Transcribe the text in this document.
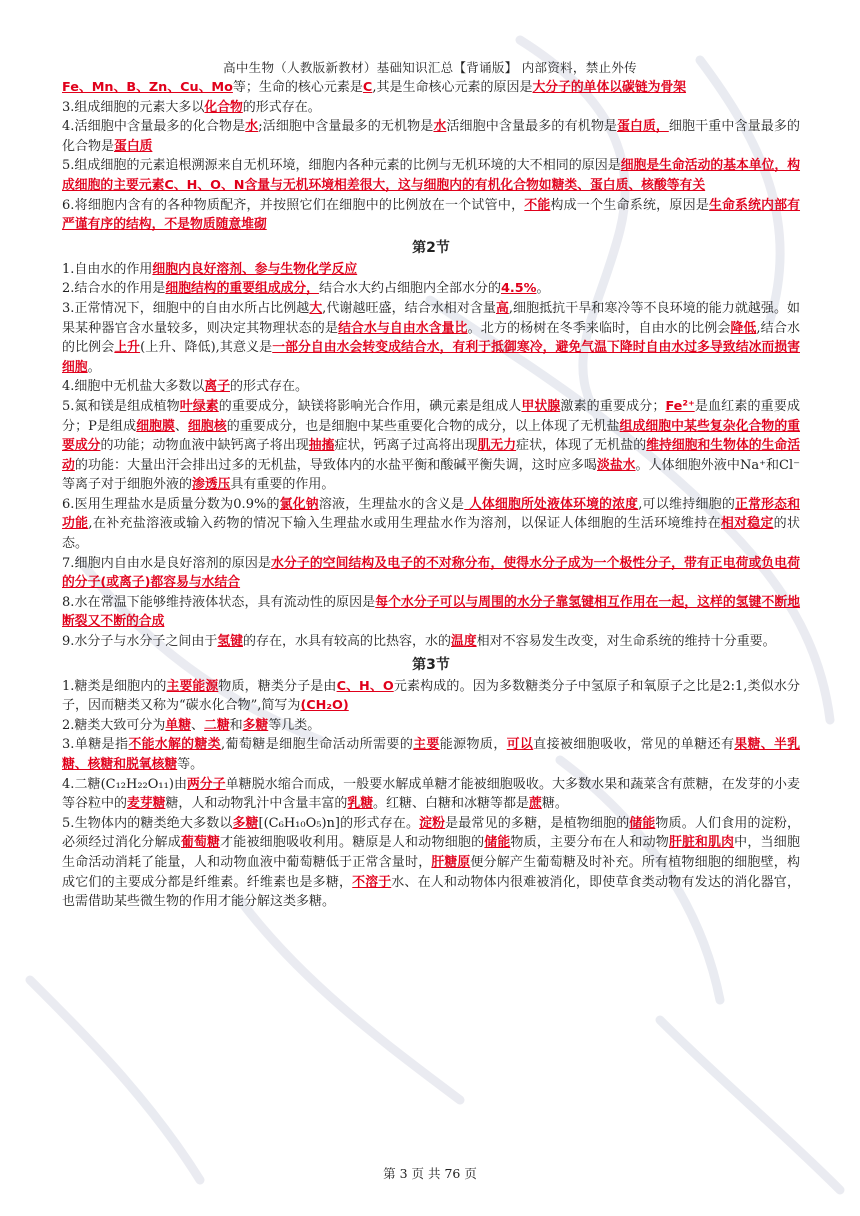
高中生物（人教版新教材）基础知识汇总【背诵版】 内部资料，禁止外传

Fe、Mn、B、Zn、Cu、Mo等；生命的核心元素是C,其是生命核心元素的原因是大分子的单体以碳链为骨架

3.组成细胞的元素大多以化合物的形式存在。

4.活细胞中含量最多的化合物是水;活细胞中含量最多的无机物是水活细胞中含量最多的有机物是蛋白质，细胞干重中含量最多的化合物是蛋白质

5.组成细胞的元素追根溯源来自无机环境，细胞内各种元素的比例与无机环境的大不相同的原因是细胞是生命活动的基本单位，构成细胞的主要元素C、H、O、N含量与无机环境相差很大，这与细胞内的有机化合物如糖类、蛋白质、核酸等有关

6.将细胞内含有的各种物质配齐，并按照它们在细胞中的比例放在一个试管中，不能构成一个生命系统，原因是生命系统内部有严谨有序的结构，不是物质随意堆砌

第2节

1.自由水的作用细胞内良好溶剂、参与生物化学反应

2.结合水的作用是细胞结构的重要组成成分，结合水大约占细胞内全部水分的4.5%。

3.正常情况下，细胞中的自由水所占比例越大,代谢越旺盛，结合水相对含量高,细胞抵抗干旱和寒冷等不良环境的能力就越强。如果某种器官含水量较多，则决定其物理状态的是结合水与自由水含量比。北方的杨树在冬季来临时，自由水的比例会降低,结合水的比例会上升(上升、降低),其意义是一部分自由水会转变成结合水，有利于抵御寒冷，避免气温下降时自由水过多导致结冰而损害细胞。

4.细胞中无机盐大多数以离子的形式存在。

5.氮和镁是组成植物叶绿素的重要成分，缺镁将影响光合作用，碘元素是组成人甲状腺激素的重要成分；Fe²⁺是血红素的重要成分；P是组成细胞膜、细胞核的重要成分，也是细胞中某些重要化合物的成分，以上体现了无机盐组成细胞中某些复杂化合物的重要成分的功能；动物血液中缺钙离子将出现抽搐症状，钙离子过高将出现肌无力症状，体现了无机盐的维持细胞和生物体的生命活动的功能：大量出汗会排出过多的无机盐，导致体内的水盐平衡和酸碱平衡失调，这时应多喝淡盐水。人体细胞外液中Na⁺和Cl⁻等离子对于细胞外液的渗透压具有重要的作用。

6.医用生理盐水是质量分数为0.9%的氯化钠溶液，生理盐水的含义是 人体细胞所处液体环境的浓度,可以维持细胞的正常形态和功能,在补充盐溶液或输入药物的情况下输入生理盐水或用生理盐水作为溶剂，以保证人体细胞的生活环境维持在相对稳定的状态。

7.细胞内自由水是良好溶剂的原因是水分子的空间结构及电子的不对称分布，使得水分子成为一个极性分子，带有正电荷或负电荷的分子(或离子)都容易与水结合

8.水在常温下能够维持液体状态，具有流动性的原因是每个水分子可以与周围的水分子靠氢键相互作用在一起，这样的氢键不断地断裂又不断的合成

9.水分子与水分子之间由于氢键的存在，水具有较高的比热容，水的温度相对不容易发生改变，对生命系统的维持十分重要。

第3节

1.糖类是细胞内的主要能源物质，糖类分子是由C、H、O元素构成的。因为多数糖类分子中氢原子和氧原子之比是2:1,类似水分子，因而糖类又称为“碳水化合物”,简写为(CH₂O)

2.糖类大致可分为单糖、二糖和多糖等几类。

3.单糖是指不能水解的糖类,葡萄糖是细胞生命活动所需要的主要能源物质，可以直接被细胞吸收，常见的单糖还有果糖、半乳糖、核糖和脱氧核糖等。

4.二糖(C₁₂H₂₂O₁₁)由两分子单糖脱水缩合而成，一般要水解成单糖才能被细胞吸收。大多数水果和蔬菜含有蔗糖，在发芽的小麦等谷粒中的麦芽糖糖，人和动物乳汁中含量丰富的乳糖。红糖、白糖和冰糖等都是蔗糖。

5.生物体内的糖类绝大多数以多糖[(C₆H₁₀O₅)n]的形式存在。淀粉是最常见的多糖，是植物细胞的储能物质。人们食用的淀粉，必须经过消化分解成葡萄糖才能被细胞吸收利用。糖原是人和动物细胞的储能物质，主要分布在人和动物肝脏和肌肉中，当细胞生命活动消耗了能量，人和动物血液中葡萄糖低于正常含量时，肝糖原便分解产生葡萄糖及时补充。所有植物细胞的细胞壁，构成它们的主要成分都是纤维素。纤维素也是多糖，不溶于水、在人和动物体内很难被消化，即使草食类动物有发达的消化器官，也需借助某些微生物的作用才能分解这类多糖。

第 3 页 共 76 页
